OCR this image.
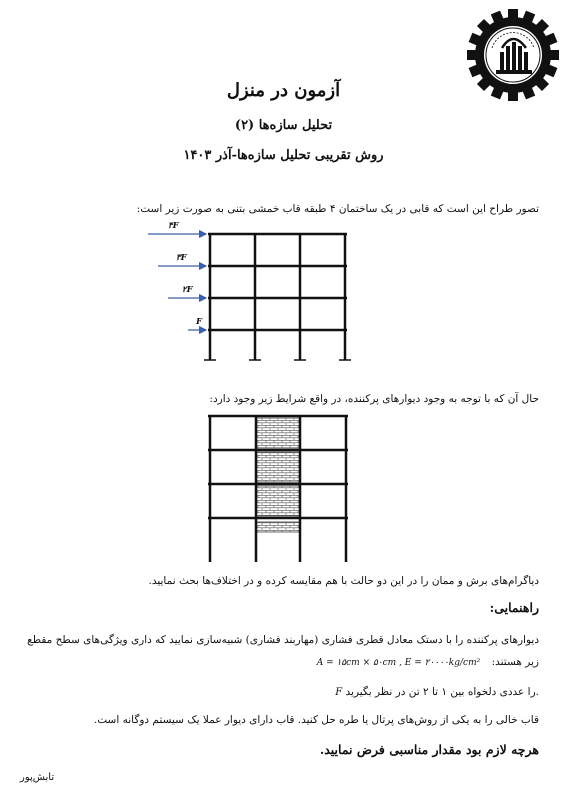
آزمون در منزل
تحلیل سازه‌ها (۲)
روش تقریبی تحلیل سازه‌ها-آذر ۱۴۰۳
تصور طراح این است که قابی در یک ساختمان ۴ طبقه قاب خمشی بتنی به صورت زیر است:
۴F
۳F
۲F
F
حال آن که با توجه به وجود دیوارهای پرکننده، در واقع شرایط زیر وجود دارد:
دیاگرام‌های برش و ممان را در این دو حالت با هم مقایسه کرده و در اختلاف‌ها بحث نمایید.
راهنمایی:
دیوارهای پرکننده را با دستک معادل قطری فشاری (مهاربند فشاری) شبیه‌سازی نمایید که داری ویژگی‌های سطح مقطع
زیر هستند: A = ۱۵cm × ۵۰cm , E = ۲۰۰۰۰kg/cm²
F را عددی دلخواه بین ۱ تا ۲ تن در نظر بگیرید.
قاب خالی را به یکی از روش‌های پرتال یا طره حل کنید. قاب دارای دیوار عملا یک سیستم دوگانه است.
هرچه لازم بود مقدار مناسبی فرض نمایید.
تابش‌پور
